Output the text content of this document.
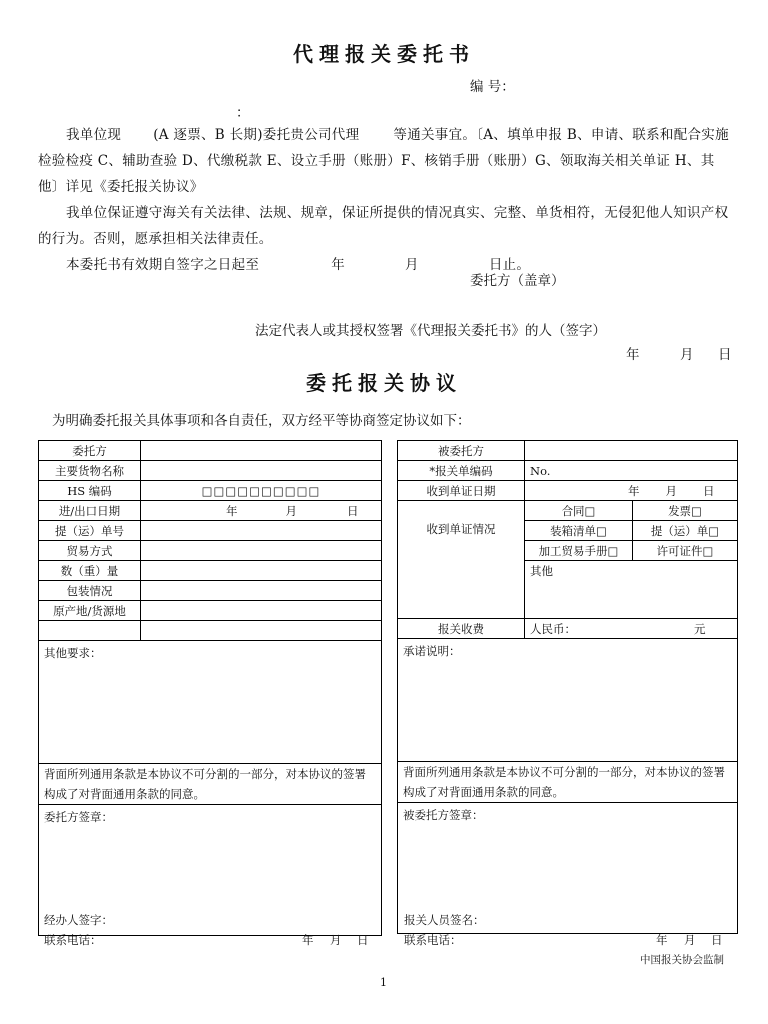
代理报关委托书
编 号：
：

我单位现 (A 逐票、B 长期)委托贵公司代理	等通关事宜。〔A、填单申报 B、申请、联系和配合实施检验检疫 C、辅助查验 D、代缴税款 E、设立手册（账册）F、核销手册（账册）G、领取海关相关单证 H、其他〕详见《委托报关协议》

我单位保证遵守海关有关法律、法规、规章，保证所提供的情况真实、完整、单货相符，无侵犯他人知识产权的行为。否则，愿承担相关法律责任。

本委托书有效期自签字之日起至	年	月	日止。

委托方（盖章）
法定代表人或其授权签署《代理报关委托书》的人（签字）
年	月 日
委托报关协议
为明确委托报关具体事项和各自责任，双方经平等协商签定协议如下：
委托方	
主要货物名称	
HS 编码	□□□□□□□□□□
进/出口日期	年 月 日
提（运）单号	
贸易方式	
数（重）量	
包装情况	
原产地/货源地	

其他要求：	
背面所列通用条款是本协议不可分割的一部分，对本协议的签署构成了对背面通用条款的同意。	

委托方签章：	
经办人签字：
联系电话：	年 月 日
被委托方		
*报关单编码	No.	
收到单证日期	年 月 日	
收到单证情况	合同□	发票□
	装箱清单□	提（运）单□
	加工贸易手册□	许可证件□
	其他	

报关收费	人民币： 元	
承诺说明：		
背面所列通用条款是本协议不可分割的一部分，对本协议的签署构成了对背面通用条款的同意。		

被委托方签章：		
报关人员签名：
联系电话：	年 月 日
中国报关协会监制
1
